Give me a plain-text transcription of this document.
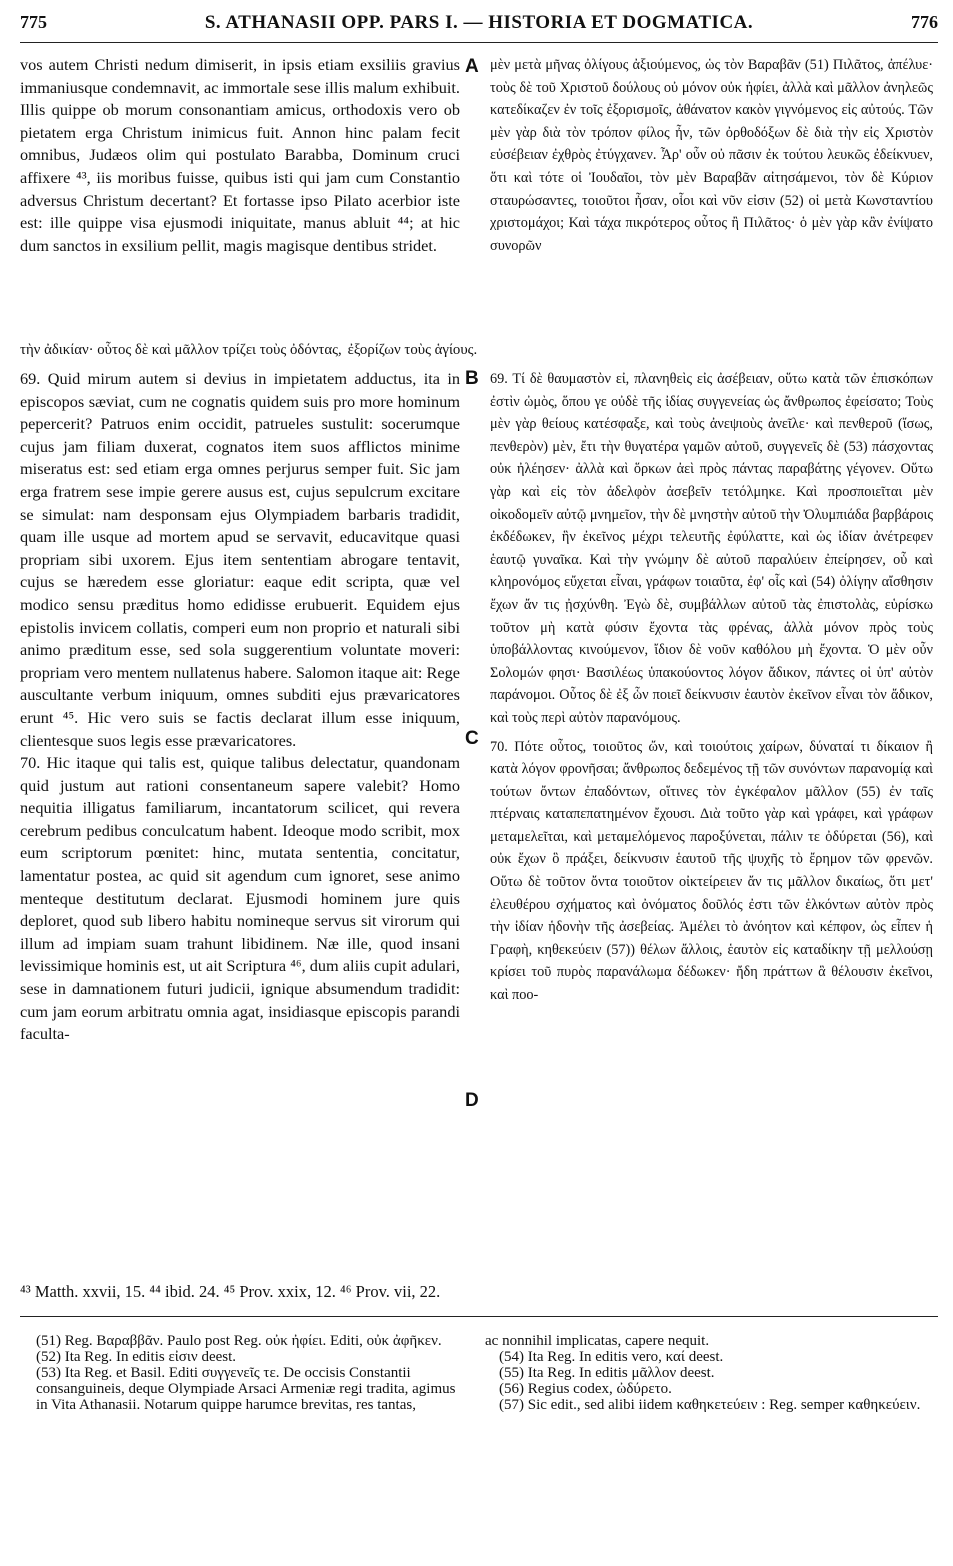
775	S. ATHANASII OPP. PARS I. — HISTORIA ET DOGMATICA.	776
A
B
C
D

vos autem Christi nedum dimiserit, in ipsis etiam exsiliis gravius immaniusque condemnavit, ac immortale sese illis malum exhibuit. Illis quippe ob morum consonantiam amicus, orthodoxis vero ob pietatem erga Christum inimicus fuit. Annon hinc palam fecit omnibus, Judæos olim qui postulato Barabba, Dominum cruci affixere ⁴³, iis moribus fuisse, quibus isti qui jam cum Constantio adversus Christum decertant? Et fortasse ipso Pilato acerbior iste est: ille quippe visa ejusmodi iniquitate, manus abluit ⁴⁴; at hic dum sanctos in exsilium pellit, magis magisque dentibus stridet.

μὲν μετὰ μῆνας ὀλίγους ἀξιούμενος, ὡς τὸν Βαραβᾶν (51) Πιλᾶτος, ἀπέλυε· τοὺς δὲ τοῦ Χριστοῦ δούλους οὐ μόνον οὐκ ἠφίει, ἀλλὰ καὶ μᾶλλον ἀνηλεῶς κατεδίκαζεν ἐν τοῖς ἐξορισμοῖς, ἀθάνατον κακὸν γιγνόμενος εἰς αὐτούς. Τῶν μὲν γὰρ διὰ τὸν τρόπον φίλος ἦν, τῶν ὀρθοδόξων δὲ διὰ τὴν εἰς Χριστὸν εὐσέβειαν ἐχθρὸς ἐτύγχανεν. Ἆρ' οὖν οὐ πᾶσιν ἐκ τούτου λευκῶς ἐδείκνυεν, ὅτι καὶ τότε οἱ Ἰουδαῖοι, τὸν μὲν Βαραβᾶν αἰτησάμενοι, τὸν δὲ Κύριον σταυρώσαντες, τοιοῦτοι ἦσαν, οἷοι καὶ νῦν εἰσιν (52) οἱ μετὰ Κωνσταντίου χριστομάχοι; Καὶ τάχα πικρότερος οὗτος ἢ Πιλᾶτος· ὁ μὲν γὰρ κἂν ἐνίψατο συνορῶν

τὴν ἀδικίαν· οὗτος δὲ καὶ μᾶλλον τρίζει τοὺς ὀδόντας, ἐξορίζων τοὺς ἁγίους.

69. Quid mirum autem si devius in impietatem adductus, ita in episcopos sæviat, cum ne cognatis quidem suis pro more hominum pepercerit? Patruos enim occidit, patrueles sustulit: socerumque cujus jam filiam duxerat, cognatos item suos afflictos minime miseratus est: sed etiam erga omnes perjurus semper fuit. Sic jam erga fratrem sese impie gerere ausus est, cujus sepulcrum excitare se simulat: nam desponsam ejus Olympiadem barbaris tradidit, quam ille usque ad mortem apud se servavit, educavitque quasi propriam sibi uxorem. Ejus item sententiam abrogare tentavit, cujus se hæredem esse gloriatur: eaque edit scripta, quæ vel modico sensu præditus homo edidisse erubuerit. Equidem ejus epistolis invicem collatis, comperi eum non proprio et naturali sibi animo præditum esse, sed sola suggerentium voluntate moveri: propriam vero mentem nullatenus habere. Salomon itaque ait: Rege auscultante verbum iniquum, omnes subditi ejus prævaricatores erunt ⁴⁵. Hic vero suis se factis declarat illum esse iniquum, clientesque suos legis esse prævaricatores.

70. Hic itaque qui talis est, quique talibus delectatur, quandonam quid justum aut rationi consentaneum sapere valebit? Homo nequitia illigatus familiarum, incantatorum scilicet, qui revera cerebrum pedibus conculcatum habent. Ideoque modo scribit, mox eum scriptorum pœnitet: hinc, mutata sententia, concitatur, lamentatur postea, ac quid sit agendum cum ignoret, sese animo menteque destitutum declarat. Ejusmodi hominem jure quis deploret, quod sub libero habitu nomineque servus sit virorum qui illum ad impiam suam trahunt libidinem. Næ ille, quod insani levissimique hominis est, ut ait Scriptura ⁴⁶, dum aliis cupit adulari, sese in damnationem futuri judicii, ignique absumendum tradidit: cum jam eorum arbitratu omnia agat, insidiasque episcopis parandi faculta-

69. Τί δὲ θαυμαστὸν εἰ, πλανηθεὶς εἰς ἀσέβειαν, οὕτω κατὰ τῶν ἐπισκόπων ἐστὶν ὠμὸς, ὅπου γε οὐδὲ τῆς ἰδίας συγγενείας ὡς ἄνθρωπος ἐφείσατο; Τοὺς μὲν γὰρ θείους κατέσφαξε, καὶ τοὺς ἀνεψιοὺς ἀνεῖλε· καὶ πενθεροῦ (ἴσως, πενθερὸν) μὲν, ἔτι τὴν θυγατέρα γαμῶν αὐτοῦ, συγγενεῖς δὲ (53) πάσχοντας οὐκ ἠλέησεν· ἀλλὰ καὶ ὅρκων ἀεὶ πρὸς πάντας παραβάτης γέγονεν. Οὕτω γὰρ καὶ εἰς τὸν ἀδελφὸν ἀσεβεῖν τετόλμηκε. Καὶ προσποιεῖται μὲν οἰκοδομεῖν αὐτῷ μνημεῖον, τὴν δὲ μνηστὴν αὐτοῦ τὴν Ὀλυμπιάδα βαρβάροις ἐκδέδωκεν, ἣν ἐκεῖνος μέχρι τελευτῆς ἐφύλαττε, καὶ ὡς ἰδίαν ἀνέτρεφεν ἑαυτῷ γυναῖκα. Καὶ τὴν γνώμην δὲ αὐτοῦ παραλύειν ἐπείρησεν, οὗ καὶ κληρονόμος εὔχεται εἶναι, γράφων τοιαῦτα, ἐφ' οἷς καὶ (54) ὀλίγην αἴσθησιν ἔχων ἄν τις ᾐσχύνθη. Ἐγὼ δὲ, συμβάλλων αὐτοῦ τὰς ἐπιστολὰς, εὑρίσκω τοῦτον μὴ κατὰ φύσιν ἔχοντα τὰς φρένας, ἀλλὰ μόνον πρὸς τοὺς ὑποβάλλοντας κινούμενον, ἴδιον δὲ νοῦν καθόλου μὴ ἔχοντα. Ὁ μὲν οὖν Σολομών φησι· Βασιλέως ὑπακούοντος λόγον ἄδικον, πάντες οἱ ὑπ' αὐτὸν παράνομοι. Οὗτος δὲ ἐξ ὧν ποιεῖ δείκνυσιν ἑαυτὸν ἐκεῖνον εἶναι τὸν ἄδικον, καὶ τοὺς περὶ αὐτὸν παρανόμους.

70. Πότε οὗτος, τοιοῦτος ὤν, καὶ τοιούτοις χαίρων, δύναταί τι δίκαιον ἢ κατὰ λόγον φρονῆσαι; ἄνθρωπος δεδεμένος τῇ τῶν συνόντων παρανομίᾳ καὶ τούτων ὄντων ἐπαδόντων, οἵτινες τὸν ἐγκέφαλον μᾶλλον (55) ἐν ταῖς πτέρναις καταπεπατημένον ἔχουσι. Διὰ τοῦτο γὰρ καὶ γράφει, καὶ γράφων μεταμελεῖται, καὶ μεταμελόμενος παροξύνεται, πάλιν τε ὀδύρεται (56), καὶ οὐκ ἔχων ὃ πράξει, δείκνυσιν ἑαυτοῦ τῆς ψυχῆς τὸ ἔρημον τῶν φρενῶν. Οὕτω δὲ τοῦτον ὄντα τοιοῦτον οἰκτείρειεν ἄν τις μᾶλλον δικαίως, ὅτι μετ' ἐλευθέρου σχήματος καὶ ὀνόματος δοῦλός ἐστι τῶν ἑλκόντων αὐτὸν πρὸς τὴν ἰδίαν ἡδονὴν τῆς ἀσεβείας. Ἀμέλει τὸ ἀνόητον καὶ κέπφον, ὡς εἶπεν ἡ Γραφὴ, κηθεκεύειν (57)) θέλων ἄλλοις, ἑαυτὸν εἰς καταδίκην τῇ μελλούσῃ κρίσει τοῦ πυρὸς παρανάλωμα δέδωκεν· ἤδη πράττων ἃ θέλουσιν ἐκεῖνοι, καὶ ποο-

⁴³ Matth. xxvii, 15. ⁴⁴ ibid. 24. ⁴⁵ Prov. xxix, 12. ⁴⁶ Prov. vii, 22.

(51) Reg. Βαραββᾶν. Paulo post Reg. οὐκ ἠφίει. Editi, οὐκ ἀφῆκεν.

(52) Ita Reg. In editis εἰσιν deest.

(53) Ita Reg. et Basil. Editi συγγενεῖς τε. De occisis Constantii consanguineis, deque Olympiade Arsaci Armeniæ regi tradita, agimus in Vita Athanasii. Notarum quippe harumce brevitas, res tantas,

ac nonnihil implicatas, capere nequit.

(54) Ita Reg. In editis vero, καί deest.

(55) Ita Reg. In editis μᾶλλον deest.

(56) Regius codex, ὠδύρετο.

(57) Sic edit., sed alibi iidem καθηκετεύειν : Reg. semper καθηκεύειν.
